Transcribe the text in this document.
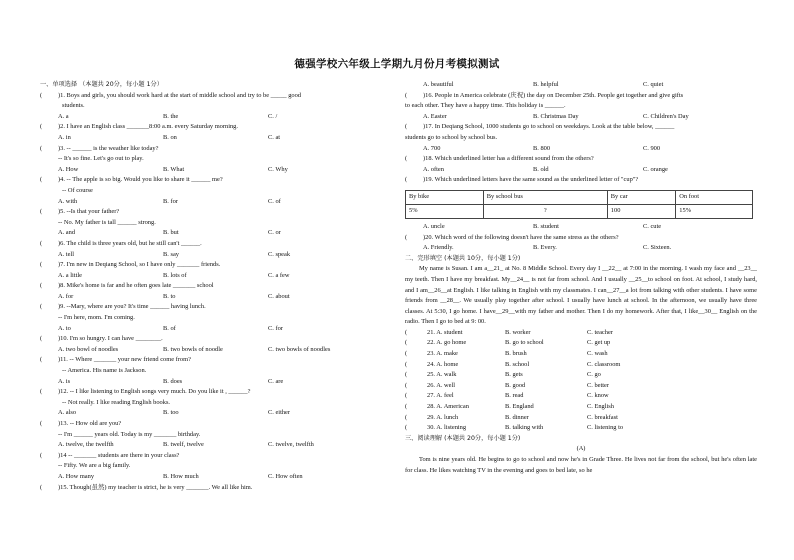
德强学校六年级上学期九月份月考模拟测试
一、单项选择 （本题共 20分，每小题 1分）
(	)1. Boys and girls, you should work hard at the start of middle school and try to be _____ good
students.
A. a	B. the	C. /
(	)2. I have an English class _______8:00 a.m. every Saturday morning.
A. in	B. on	C. at
(	)3. -- ______ is the weather like today?
-- It's so fine. Let's go out to play.
A. How	B. What	C. Why
(	)4. -- The apple is so big. Would you like to share it ______ me?
-- Of course
A. with	B. for	C. of
(	)5. --Is that your father?
-- No. My father is tall ______ strong.
A. and	B. but	C. or
(	)6. The child is three years old, but he still can't ______.
A. tell	B. say	C. speak
(	)7. I'm new in Deqiang School, so I have only _______ friends.
A. a little	B. lots of	C. a few
(	)8. Mike's home is far and he often goes late _______ school
A. for	B. to	C. about
(	)9. --Mary, where are you? It's time ______ having lunch.
-- I'm here, mom. I'm coming.
A. to	B. of	C. for
(	)10. I'm so hungry. I can have ________.
A. two bowl of noodles	B. two bowls of noodle	C. two bowls of noodles
(	)11. -- Where _______ your new friend come from?
-- America. His name is Jackson.
A. is	B. does	C. are
(	)12. -- I like listening to English songs very much. Do you like it , ______?
-- Not really. I like reading English books.
A. also	B. too	C. either
(	)13. -- How old are you?
-- I'm ______ years old. Today is my _______ birthday.
A. twelve, the twelfth	B. twelf, twelve	C. twelve, twelfth
(	)14 -- _______ students are there in your class?
-- Fifty. We are a big family.
A. How many	B. How much	C. How often
(	)15. Though(虽然) my teacher is strict, he is very _______. We all like him.
A. beautiful	B. helpful	C. quiet
(	)16. People in America celebrate (庆祝) the day on December 25th. People get together and give gifts
to each other. They have a happy time. This holiday is ______.
A. Easter	B. Christmas Day	C. Children's Day
(	)17. In Deqiang School, 1000 students go to school on weekdays. Look at the table below, ______
students go to school by school bus.
A. 700	B. 800	C. 900
(	)18. Which underlined letter has a different sound from the others?
A. often	B. old	C. orange
(	)19. Which underlined letters have the same sound as the underlined letter of "cup"?
By bike	By school bus	By car	On foot
5%	?	100	15%
A. uncle	B. student	C. cute
(	)20. Which word of the following doesn't have the same stress as the others?
A. Friendly.	B. Every.	C. Sixteen.
二、完形填空 (本题共 10分，每小题 1分)
My name is Susan. I am a__21_ at No. 8 Middle School. Every day I __22__ at 7:00 in the morning. I wash my face and __23__ my teeth. Then I have my breakfast. My__24__ is not far from school. And I usually __25__to school on foot. At school, I study hard, and I am__26__at English. I like talking in English with my classmates. I can__27__a lot from talking with other students. I have some friends from __28__. We usually play together after school. I usually have lunch at school. In the afternoon, we usually have three classes. At 5:30, I go home. I have__29__with my father and mother. Then I do my homework. After that, I like__30__ English on the radio. Then I go to bed at 9: 00.
(	21. A. student	B. worker	C. teacher
(	22. A. go home	B. go to school	C. get up
(	23. A. make	B. brush	C. wash
(	24. A. home	B. school	C. classroom
(	25. A. walk	B. gets	C. go
(	26. A. well	B. good	C. better
(	27. A. feel	B. read	C. know
(	28. A. American	B. England	C. English
(	29. A. lunch	B. dinner	C. breakfast
(	30. A. listening	B. talking with	C. listening to
三、阅读理解 (本题共 20分，每小题 1分)
(A)
Tom is nine years old. He begins to go to school and now he's in Grade Three. He lives not far from the school, but he's often late for class. He likes watching TV in the evening and goes to bed late, so he
